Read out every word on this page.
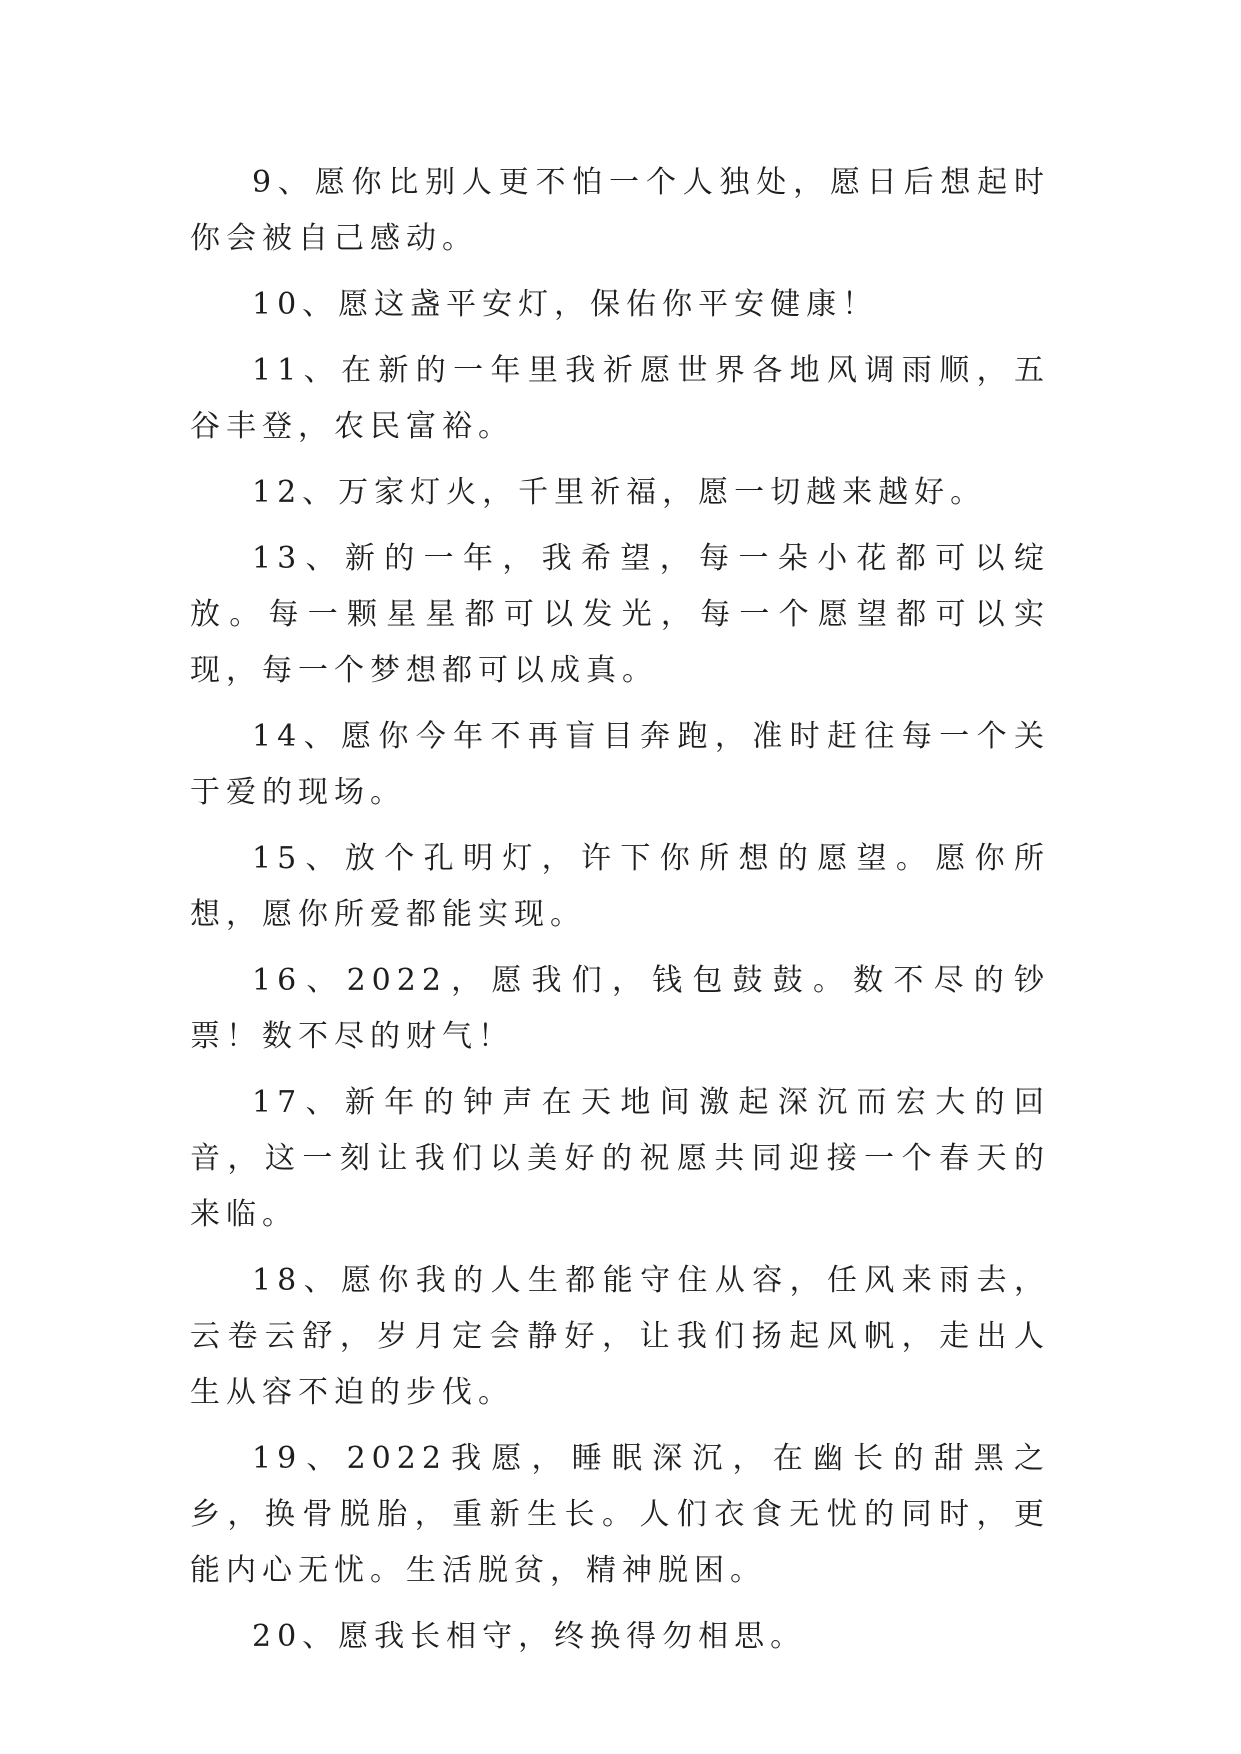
9、愿你比别人更不怕一个人独处，愿日后想起时你会被自己感动。

10、愿这盏平安灯，保佑你平安健康！

11、在新的一年里我祈愿世界各地风调雨顺，五谷丰登，农民富裕。

12、万家灯火，千里祈福，愿一切越来越好。

13、新的一年，我希望，每一朵小花都可以绽放。每一颗星星都可以发光，每一个愿望都可以实现，每一个梦想都可以成真。

14、愿你今年不再盲目奔跑，准时赶往每一个关于爱的现场。

15、放个孔明灯，许下你所想的愿望。愿你所想，愿你所爱都能实现。

16、2022，愿我们，钱包鼓鼓。数不尽的钞票！数不尽的财气！

17、新年的钟声在天地间激起深沉而宏大的回音，这一刻让我们以美好的祝愿共同迎接一个春天的来临。

18、愿你我的人生都能守住从容，任风来雨去，云卷云舒，岁月定会静好，让我们扬起风帆，走出人生从容不迫的步伐。

19、2022我愿，睡眠深沉，在幽长的甜黑之乡，换骨脱胎，重新生长。人们衣食无忧的同时，更能内心无忧。生活脱贫，精神脱困。

20、愿我长相守，终换得勿相思。
